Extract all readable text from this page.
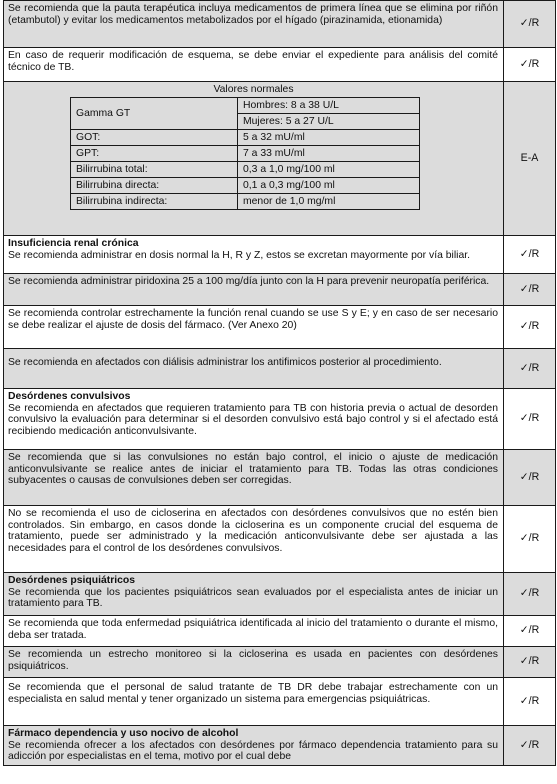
Se recomienda que la pauta terapéutica incluya medicamentos de primera línea que se elimina por riñón (etambutol) y evitar los medicamentos metabolizados por el hígado (pirazinamida, etionamida)	✓/R
En caso de requerir modificación de esquema, se debe enviar el expediente para análisis del comité técnico de TB.	✓/R

Valores normales
Gamma GT	Hombres: 8 a 38 U/L
Mujeres: 5 a 27 U/L
GOT:	5 a 32 mU/ml
GPT:	7 a 33 mU/ml
Bilirrubina total:	0,3 a 1,0 mg/100 ml
Bilirrubina directa:	0,1 a 0,3 mg/100 ml
Bilirrubina indirecta:	menor de 1,0 mg/ml
	E-A

Insuficiencia renal crónica
Se recomienda administrar en dosis normal la H, R y Z, estos se excretan mayormente por vía biliar.	✓/R
Se recomienda administrar piridoxina 25 a 100 mg/día junto con la H para prevenir neuropatía periférica.	✓/R
Se recomienda controlar estrechamente la función renal cuando se use S y E; y en caso de ser necesario se debe realizar el ajuste de dosis del fármaco. (Ver Anexo 20)	✓/R
Se recomienda en afectados con diálisis administrar los antifimicos posterior al procedimiento.	✓/R

Desórdenes convulsivos
Se recomienda en afectados que requieren tratamiento para TB con historia previa o actual de desorden convulsivo la evaluación para determinar si el desorden convulsivo está bajo control y si el afectado está recibiendo medicación anticonvulsivante.	✓/R
Se recomienda que si las convulsiones no están bajo control, el inicio o ajuste de medicación anticonvulsivante se realice antes de iniciar el tratamiento para TB. Todas las otras condiciones subyacentes o causas de convulsiones deben ser corregidas.	✓/R
No se recomienda el uso de cicloserina en afectados con desórdenes convulsivos que no estén bien controlados. Sin embargo, en casos donde la cicloserina es un componente crucial del esquema de tratamiento, puede ser administrado y la medicación anticonvulsivante debe ser ajustada a las necesidades para el control de los desórdenes convulsivos.	✓/R

Desórdenes psiquiátricos
Se recomienda que los pacientes psiquiátricos sean evaluados por el especialista antes de iniciar un tratamiento para TB.	✓/R
Se recomienda que toda enfermedad psiquiátrica identificada al inicio del tratamiento o durante el mismo, deba ser tratada.	✓/R
Se recomienda un estrecho monitoreo si la cicloserina es usada en pacientes con desórdenes psiquiátricos.	✓/R
Se recomienda que el personal de salud tratante de TB DR debe trabajar estrechamente con un especialista en salud mental y tener organizado un sistema para emergencias psiquiátricas.	✓/R

Fármaco dependencia y uso nocivo de alcohol
Se recomienda ofrecer a los afectados con desórdenes por fármaco dependencia tratamiento para su adicción por especialistas en el tema, motivo por el cual debe	✓/R
